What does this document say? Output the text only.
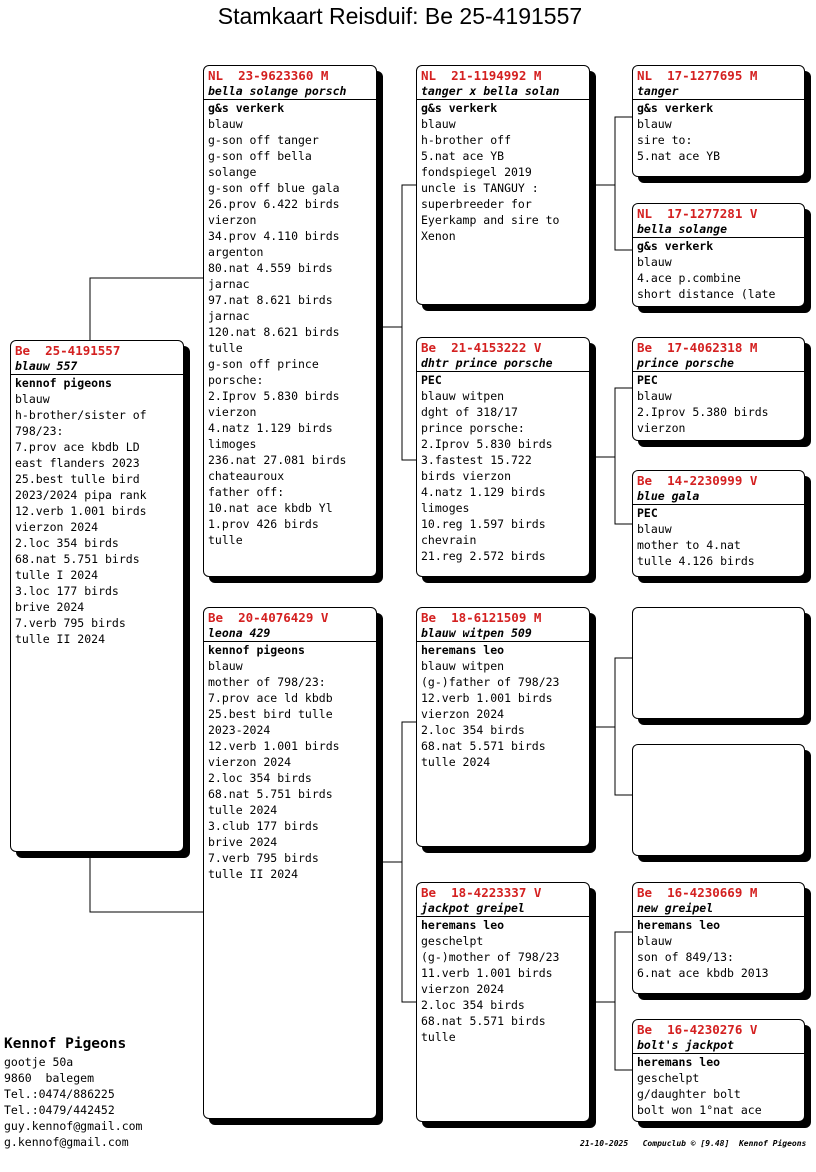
Stamkaart Reisduif: Be 25-4191557
Be  25-4191557
blauw 557
kennof pigeons
blauw
h-brother/sister of
798/23:
7.prov ace kbdb LD
east flanders 2023
25.best tulle bird
2023/2024 pipa rank
12.verb 1.001 birds
vierzon 2024
2.loc 354 birds
68.nat 5.751 birds
tulle I 2024
3.loc 177 birds
brive 2024
7.verb 795 birds
tulle II 2024
NL  23-9623360 M
bella solange porsch
g&s verkerk
blauw
g-son off tanger
g-son off bella
solange
g-son off blue gala
26.prov 6.422 birds
vierzon
34.prov 4.110 birds
argenton
80.nat 4.559 birds
jarnac
97.nat 8.621 birds
jarnac
120.nat 8.621 birds
tulle
g-son off prince
porsche:
2.Iprov 5.830 birds
vierzon
4.natz 1.129 birds
limoges
236.nat 27.081 birds
chateauroux
father off:
10.nat ace kbdb Yl
1.prov 426 birds
tulle
Be  20-4076429 V
leona 429
kennof pigeons
blauw
mother of 798/23:
7.prov ace ld kbdb
25.best bird tulle
2023-2024
12.verb 1.001 birds
vierzon 2024
2.loc 354 birds
68.nat 5.751 birds
tulle 2024
3.club 177 birds
brive 2024
7.verb 795 birds
tulle II 2024
NL  21-1194992 M
tanger x bella solan
g&s verkerk
blauw
h-brother off
5.nat ace YB
fondspiegel 2019
uncle is TANGUY :
superbreeder for
Eyerkamp and sire to
Xenon
Be  21-4153222 V
dhtr prince porsche
PEC
blauw witpen
dght of 318/17
prince porsche:
2.Iprov 5.830 birds
3.fastest 15.722
birds vierzon
4.natz 1.129 birds
limoges
10.reg 1.597 birds
chevrain
21.reg 2.572 birds
Be  18-6121509 M
blauw witpen 509
heremans leo
blauw witpen
(g-)father of 798/23
12.verb 1.001 birds
vierzon 2024
2.loc 354 birds
68.nat 5.571 birds
tulle 2024
Be  18-4223337 V
jackpot greipel
heremans leo
geschelpt
(g-)mother of 798/23
11.verb 1.001 birds
vierzon 2024
2.loc 354 birds
68.nat 5.571 birds
tulle
NL  17-1277695 M
tanger
g&s verkerk
blauw
sire to:
5.nat ace YB
NL  17-1277281 V
bella solange
g&s verkerk
blauw
4.ace p.combine
short distance (late
Be  17-4062318 M
prince porsche
PEC
blauw
2.Iprov 5.380 birds
vierzon
Be  14-2230999 V
blue gala
PEC
blauw
mother to 4.nat
tulle 4.126 birds
Be  16-4230669 M
new greipel
heremans leo
blauw
son of 849/13:
6.nat ace kbdb 2013
Be  16-4230276 V
bolt's jackpot
heremans leo
geschelpt
g/daughter bolt
bolt won 1°nat ace
Kennof Pigeons
gootje 50a
9860  balegem
Tel.:0474/886225
Tel.:0479/442452
guy.kennof@gmail.com
g.kennof@gmail.com	21-10-2025   Compuclub © [9.48]  Kennof Pigeons
